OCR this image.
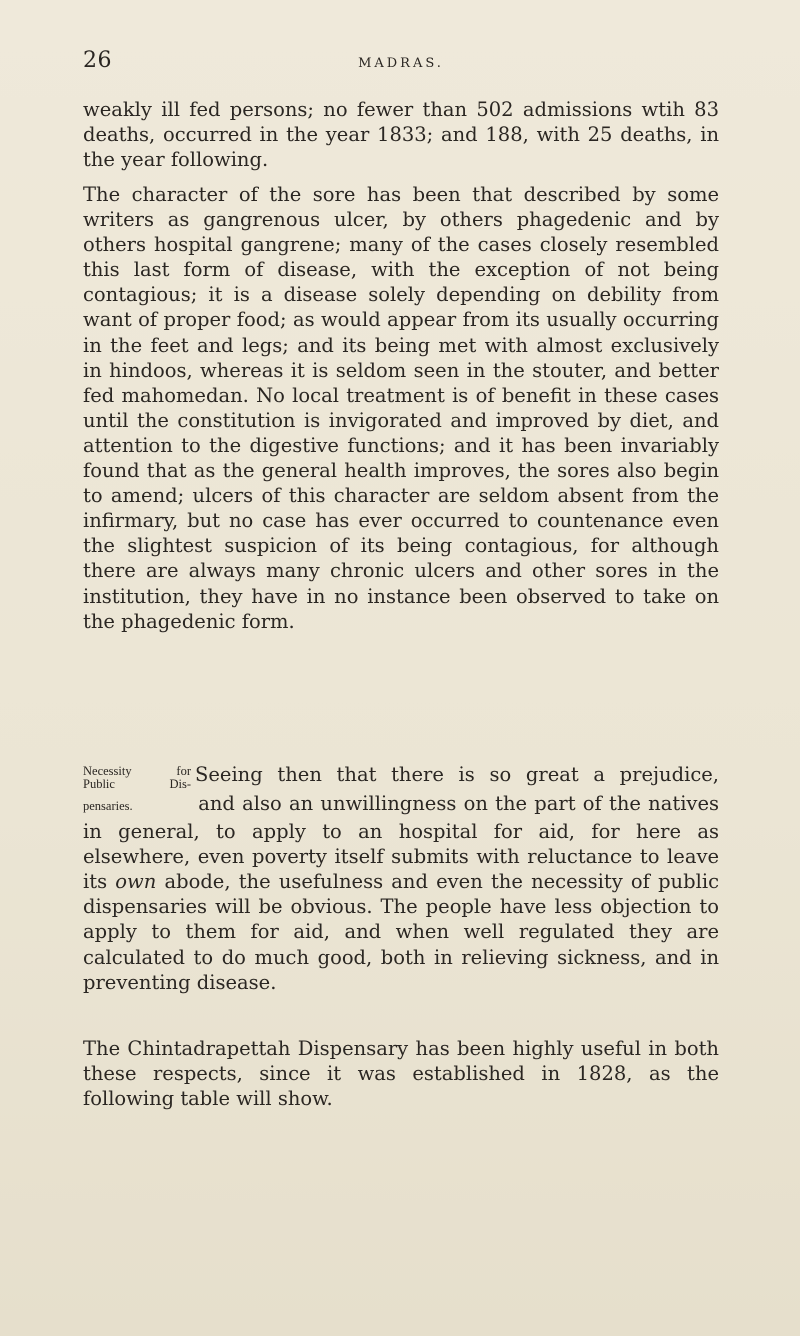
26	MADRAS.
weakly ill fed persons; no fewer than 502 admissions wtih 83 deaths, occurred in the year 1833; and 188, with 25 deaths, in the year following.
The character of the sore has been that described by some writers as gangrenous ulcer, by others phagedenic and by others hospital gangrene; many of the cases closely resembled this last form of disease, with the exception of not being contagious; it is a disease solely depending on debility from want of proper food; as would appear from its usually occurring in the feet and legs; and its being met with almost exclusively in hindoos, whereas it is seldom seen in the stouter, and better fed mahomedan. No local treatment is of benefit in these cases until the constitution is invigorated and improved by diet, and attention to the digestive functions; and it has been invariably found that as the general health improves, the sores also begin to amend; ulcers of this character are seldom absent from the infirmary, but no case has ever occurred to countenance even the slightest suspicion of its being contagious, for although there are always many chronic ulcers and other sores in the institution, they have in no instance been observed to take on the phagedenic form.
Necessity for
Public Dis- Seeing then that there is so great a prejudice,
pensaries.	and also an unwillingness on the part of the natives
in general, to apply to an hospital for aid, for here as elsewhere, even poverty itself submits with reluctance to leave its own abode, the usefulness and even the necessity of public dispensaries will be obvious. The people have less objection to apply to them for aid, and when well regulated they are calculated to do much good, both in relieving sickness, and in preventing disease.
The Chintadrapettah Dispensary has been highly useful in both these respects, since it was established in 1828, as the following table will show.
